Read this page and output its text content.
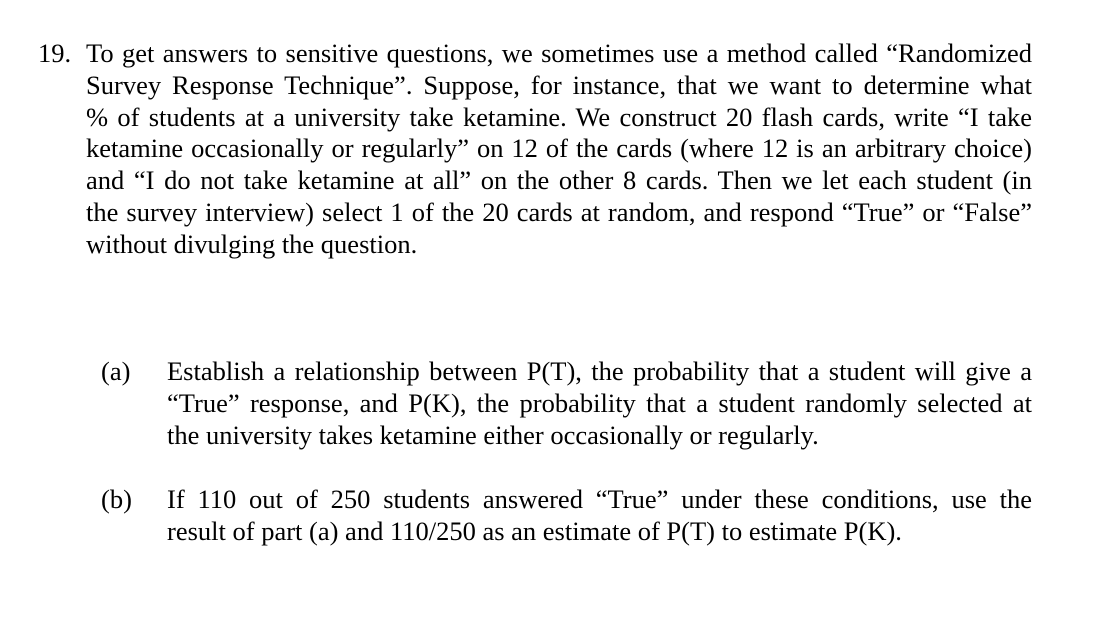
19. To get answers to sensitive questions, we sometimes use a method called “Randomized
Survey Response Technique”. Suppose, for instance, that we want to determine what
% of students at a university take ketamine. We construct 20 flash cards, write “I take
ketamine occasionally or regularly” on 12 of the cards (where 12 is an arbitrary choice)
and “I do not take ketamine at all” on the other 8 cards. Then we let each student (in
the survey interview) select 1 of the 20 cards at random, and respond “True” or “False”
without divulging the question.
(a) Establish a relationship between P(T), the probability that a student will give a
“True” response, and P(K), the probability that a student randomly selected at
the university takes ketamine either occasionally or regularly.
(b) If 110 out of 250 students answered “True” under these conditions, use the
result of part (a) and 110/250 as an estimate of P(T) to estimate P(K).
